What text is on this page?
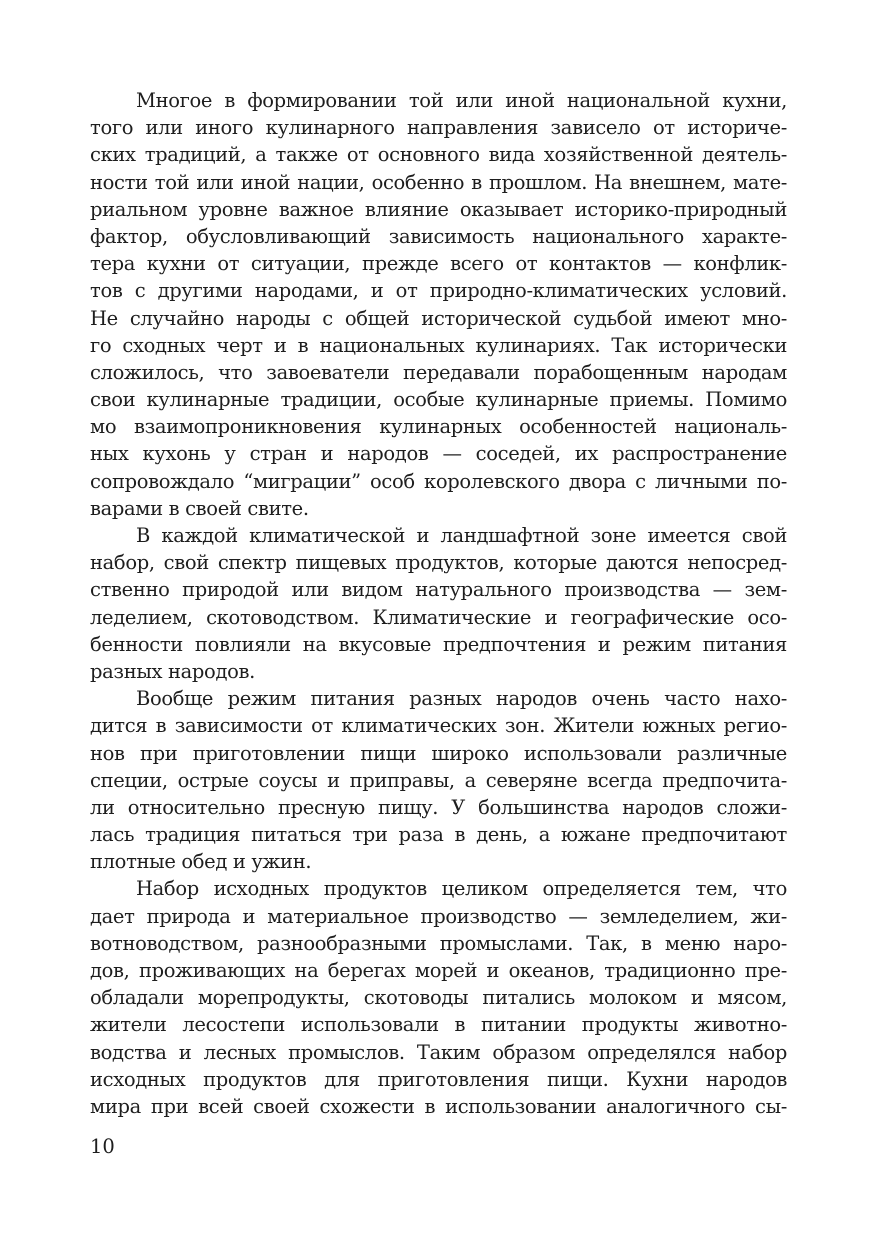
Многое в формировании той или иной национальной кухни,
того или иного кулинарного направления зависело от историче-
ских традиций, а также от основного вида хозяйственной деятель-
ности той или иной нации, особенно в прошлом. На внешнем, мате-
риальном уровне важное влияние оказывает историко-природный
фактор, обусловливающий зависимость национального характе-
тера кухни от ситуации, прежде всего от контактов — конфлик-
тов с другими народами, и от природно-климатических условий.
Не случайно народы с общей исторической судьбой имеют мно-
го сходных черт и в национальных кулинариях. Так исторически
сложилось, что завоеватели передавали порабощенным народам
свои кулинарные традиции, особые кулинарные приемы. Помимо
мо взаимопроникновения кулинарных особенностей националь-
ных кухонь у стран и народов — соседей, их распространение
сопровождало “миграции” особ королевского двора с личными по-
варами в своей свите.
В каждой климатической и ландшафтной зоне имеется свой
набор, свой спектр пищевых продуктов, которые даются непосред-
ственно природой или видом натурального производства — зем-
леделием, скотоводством. Климатические и географические осо-
бенности повлияли на вкусовые предпочтения и режим питания
разных народов.
Вообще режим питания разных народов очень часто нахо-
дится в зависимости от климатических зон. Жители южных регио-
нов при приготовлении пищи широко использовали различные
специи, острые соусы и приправы, а северяне всегда предпочита-
ли относительно пресную пищу. У большинства народов сложи-
лась традиция питаться три раза в день, а южане предпочитают
плотные обед и ужин.
Набор исходных продуктов целиком определяется тем, что
дает природа и материальное производство — земледелием, жи-
вотноводством, разнообразными промыслами. Так, в меню наро-
дов, проживающих на берегах морей и океанов, традиционно пре-
обладали морепродукты, скотоводы питались молоком и мясом,
жители лесостепи использовали в питании продукты животно-
водства и лесных промыслов. Таким образом определялся набор
исходных продуктов для приготовления пищи. Кухни народов
мира при всей своей схожести в использовании аналогичного сы-
10
